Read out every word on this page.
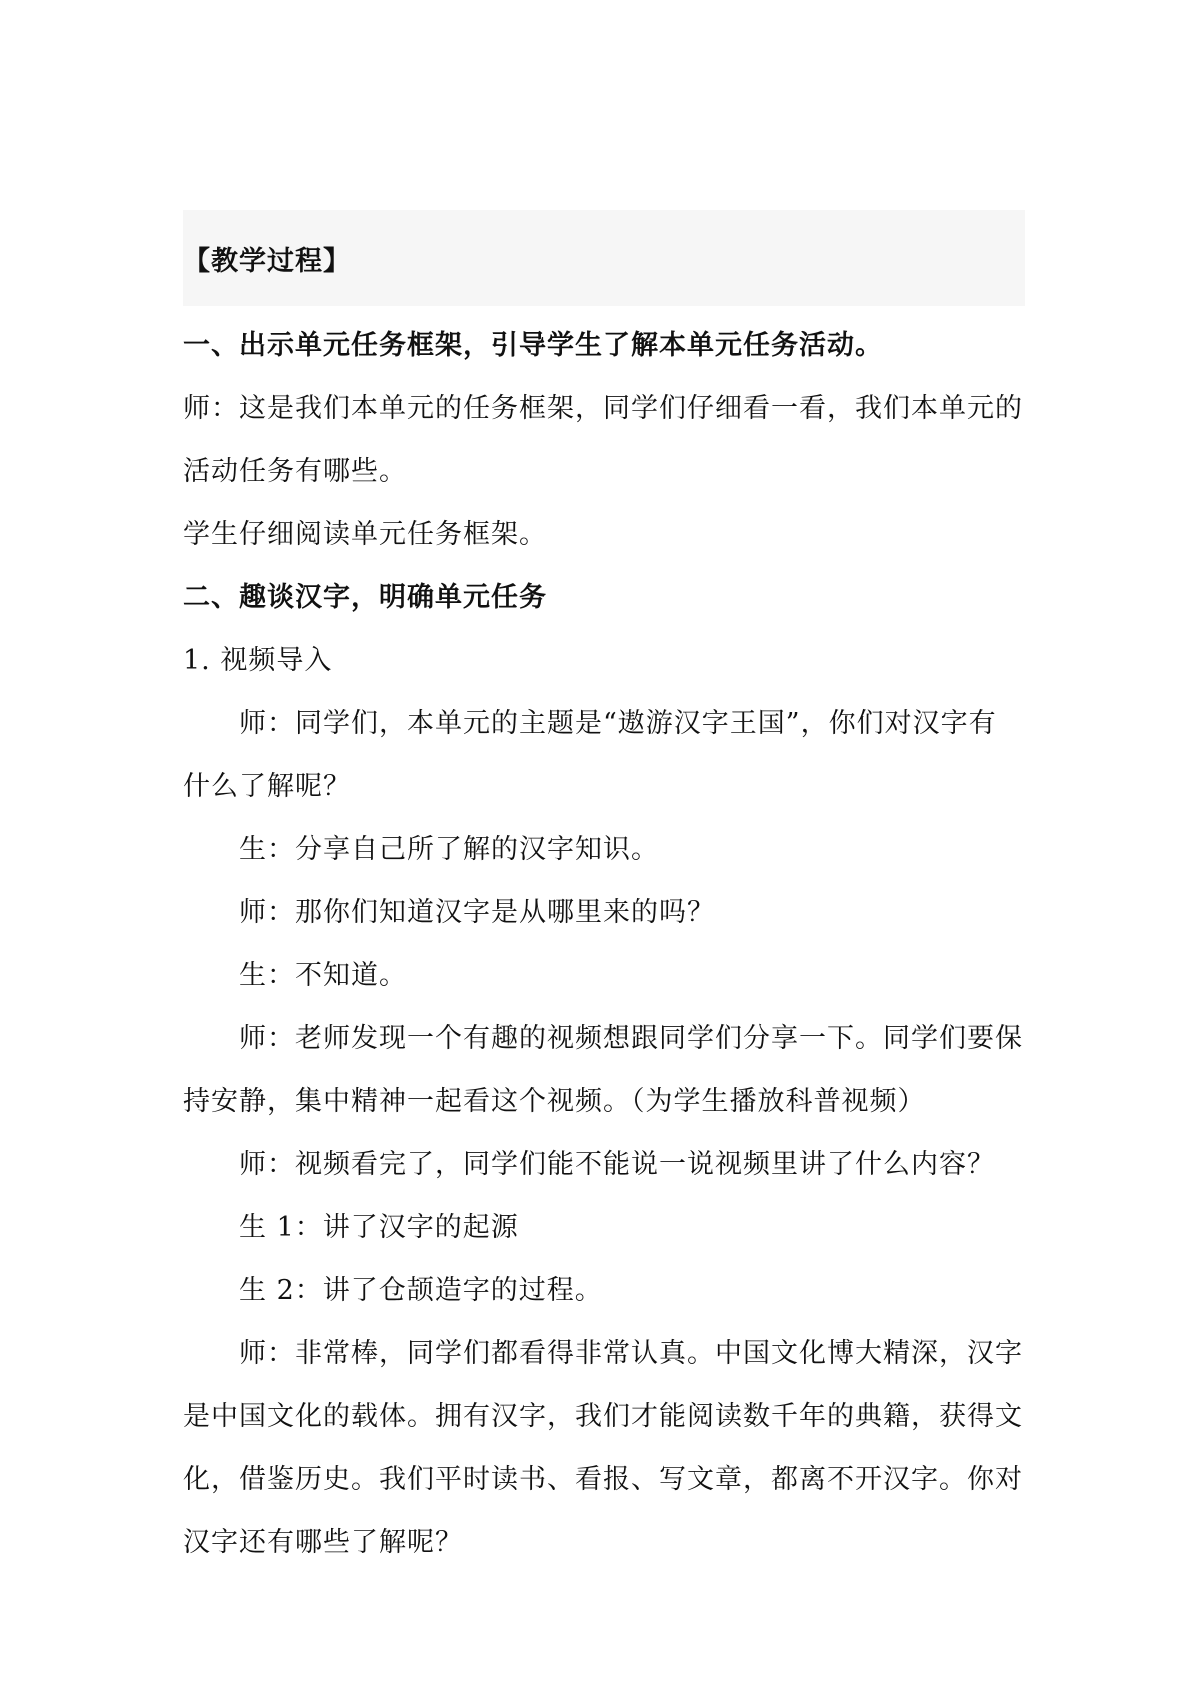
【教学过程】
一、出示单元任务框架，引导学生了解本单元任务活动。
师：这是我们本单元的任务框架，同学们仔细看一看，我们本单元的
活动任务有哪些。
学生仔细阅读单元任务框架。
二、趣谈汉字，明确单元任务
1. 视频导入
师：同学们，本单元的主题是“遨游汉字王国”，你们对汉字有
什么了解呢？
生：分享自己所了解的汉字知识。
师：那你们知道汉字是从哪里来的吗？
生：不知道。
师：老师发现一个有趣的视频想跟同学们分享一下。同学们要保
持安静，集中精神一起看这个视频。（为学生播放科普视频）
师：视频看完了，同学们能不能说一说视频里讲了什么内容？
生 1：讲了汉字的起源
生 2：讲了仓颉造字的过程。
师：非常棒，同学们都看得非常认真。中国文化博大精深，汉字
是中国文化的载体。拥有汉字，我们才能阅读数千年的典籍，获得文
化，借鉴历史。我们平时读书、看报、写文章，都离不开汉字。你对
汉字还有哪些了解呢？
